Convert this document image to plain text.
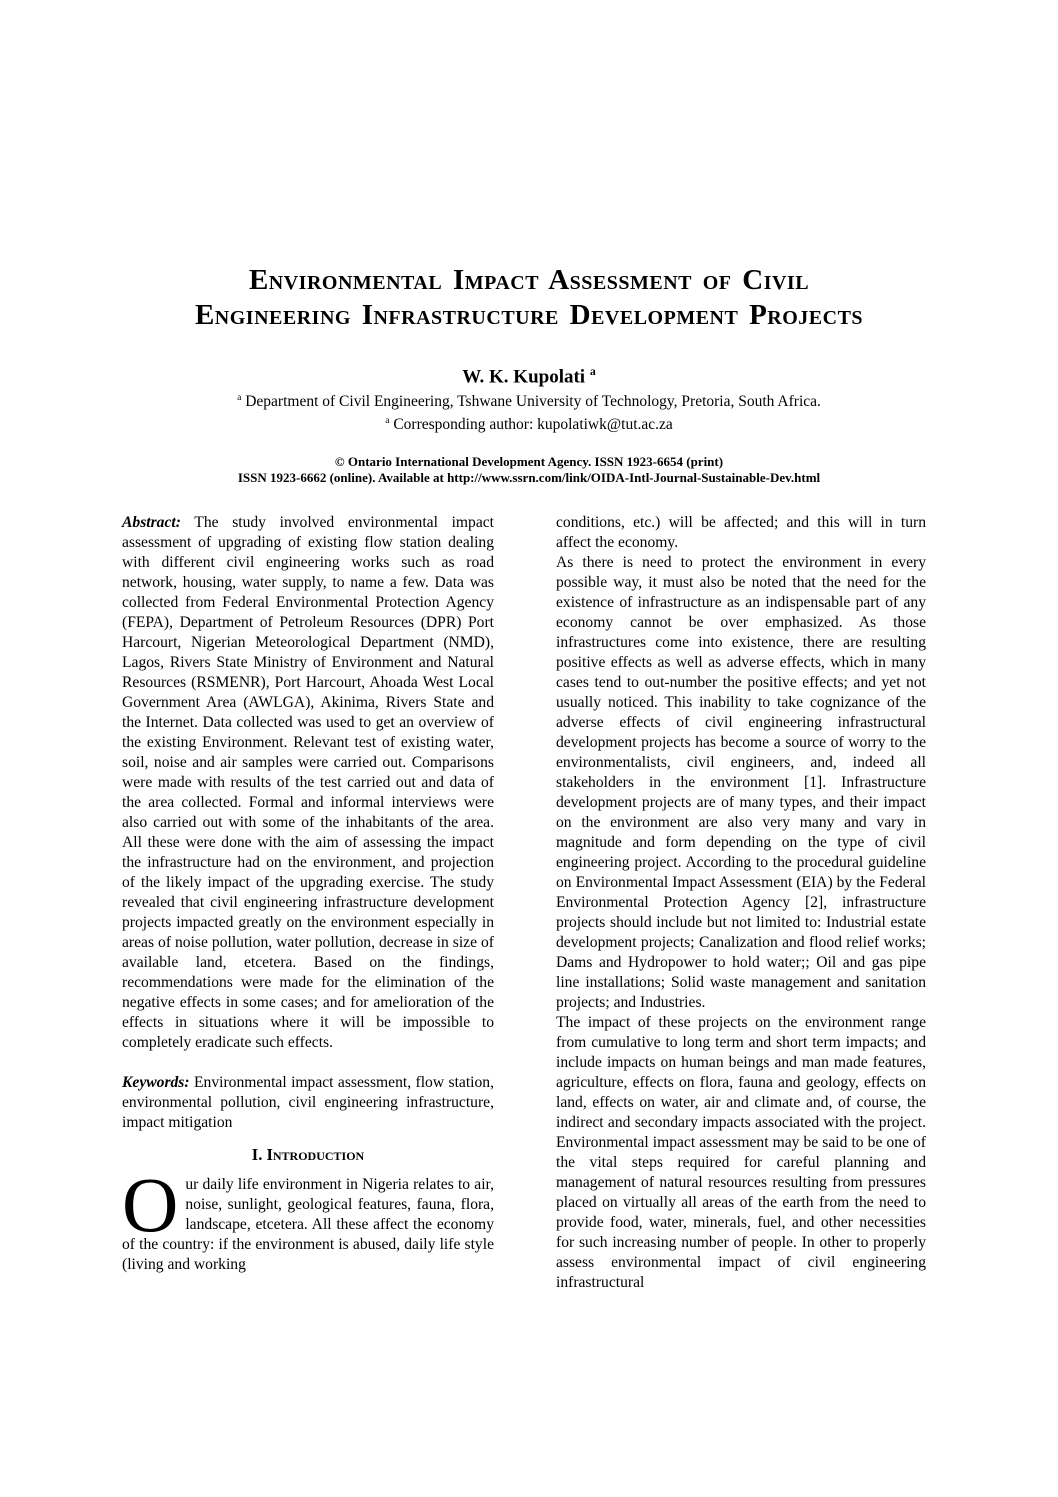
Environmental Impact Assessment of Civil
Engineering Infrastructure Development Projects
W. K. Kupolati $^a$
$^a$ Department of Civil Engineering, Tshwane University of Technology, Pretoria, South Africa.
$^a$ Corresponding author: kupolatiwk@tut.ac.za
© Ontario International Development Agency. ISSN 1923-6654 (print)
ISSN 1923-6662 (online). Available at http://www.ssrn.com/link/OIDA-Intl-Journal-Sustainable-Dev.html

Abstract: The study involved environmental impact assessment of upgrading of existing flow station dealing with different civil engineering works such as road network, housing, water supply, to name a few. Data was collected from Federal Environmental Protection Agency (FEPA), Department of Petroleum Resources (DPR) Port Harcourt, Nigerian Meteorological Department (NMD), Lagos, Rivers State Ministry of Environment and Natural Resources (RSMENR), Port Harcourt, Ahoada West Local Government Area (AWLGA), Akinima, Rivers State and the Internet. Data collected was used to get an overview of the existing Environment. Relevant test of existing water, soil, noise and air samples were carried out. Comparisons were made with results of the test carried out and data of the area collected. Formal and informal interviews were also carried out with some of the inhabitants of the area. All these were done with the aim of assessing the impact the infrastructure had on the environment, and projection of the likely impact of the upgrading exercise. The study revealed that civil engineering infrastructure development projects impacted greatly on the environment especially in areas of noise pollution, water pollution, decrease in size of available land, etcetera. Based on the findings, recommendations were made for the elimination of the negative effects in some cases; and for amelioration of the effects in situations where it will be impossible to completely eradicate such effects.

Keywords: Environmental impact assessment, flow station, environmental pollution, civil engineering infrastructure, impact mitigation

I. Introduction

Our daily life environment in Nigeria relates to air, noise, sunlight, geological features, fauna, flora, landscape, etcetera. All these affect the economy of the country: if the environment is abused, daily life style (living and working

conditions, etc.) will be affected; and this will in turn affect the economy.

As there is need to protect the environment in every possible way, it must also be noted that the need for the existence of infrastructure as an indispensable part of any economy cannot be over emphasized. As those infrastructures come into existence, there are resulting positive effects as well as adverse effects, which in many cases tend to out-number the positive effects; and yet not usually noticed. This inability to take cognizance of the adverse effects of civil engineering infrastructural development projects has become a source of worry to the environmentalists, civil engineers, and, indeed all stakeholders in the environment [1]. Infrastructure development projects are of many types, and their impact on the environment are also very many and vary in magnitude and form depending on the type of civil engineering project. According to the procedural guideline on Environmental Impact Assessment (EIA) by the Federal Environmental Protection Agency [2], infrastructure projects should include but not limited to: Industrial estate development projects; Canalization and flood relief works; Dams and Hydropower to hold water;; Oil and gas pipe line installations; Solid waste management and sanitation projects; and Industries.

The impact of these projects on the environment range from cumulative to long term and short term impacts; and include impacts on human beings and man made features, agriculture, effects on flora, fauna and geology, effects on land, effects on water, air and climate and, of course, the indirect and secondary impacts associated with the project. Environmental impact assessment may be said to be one of the vital steps required for careful planning and management of natural resources resulting from pressures placed on virtually all areas of the earth from the need to provide food, water, minerals, fuel, and other necessities for such increasing number of people. In other to properly assess environmental impact of civil engineering infrastructural
